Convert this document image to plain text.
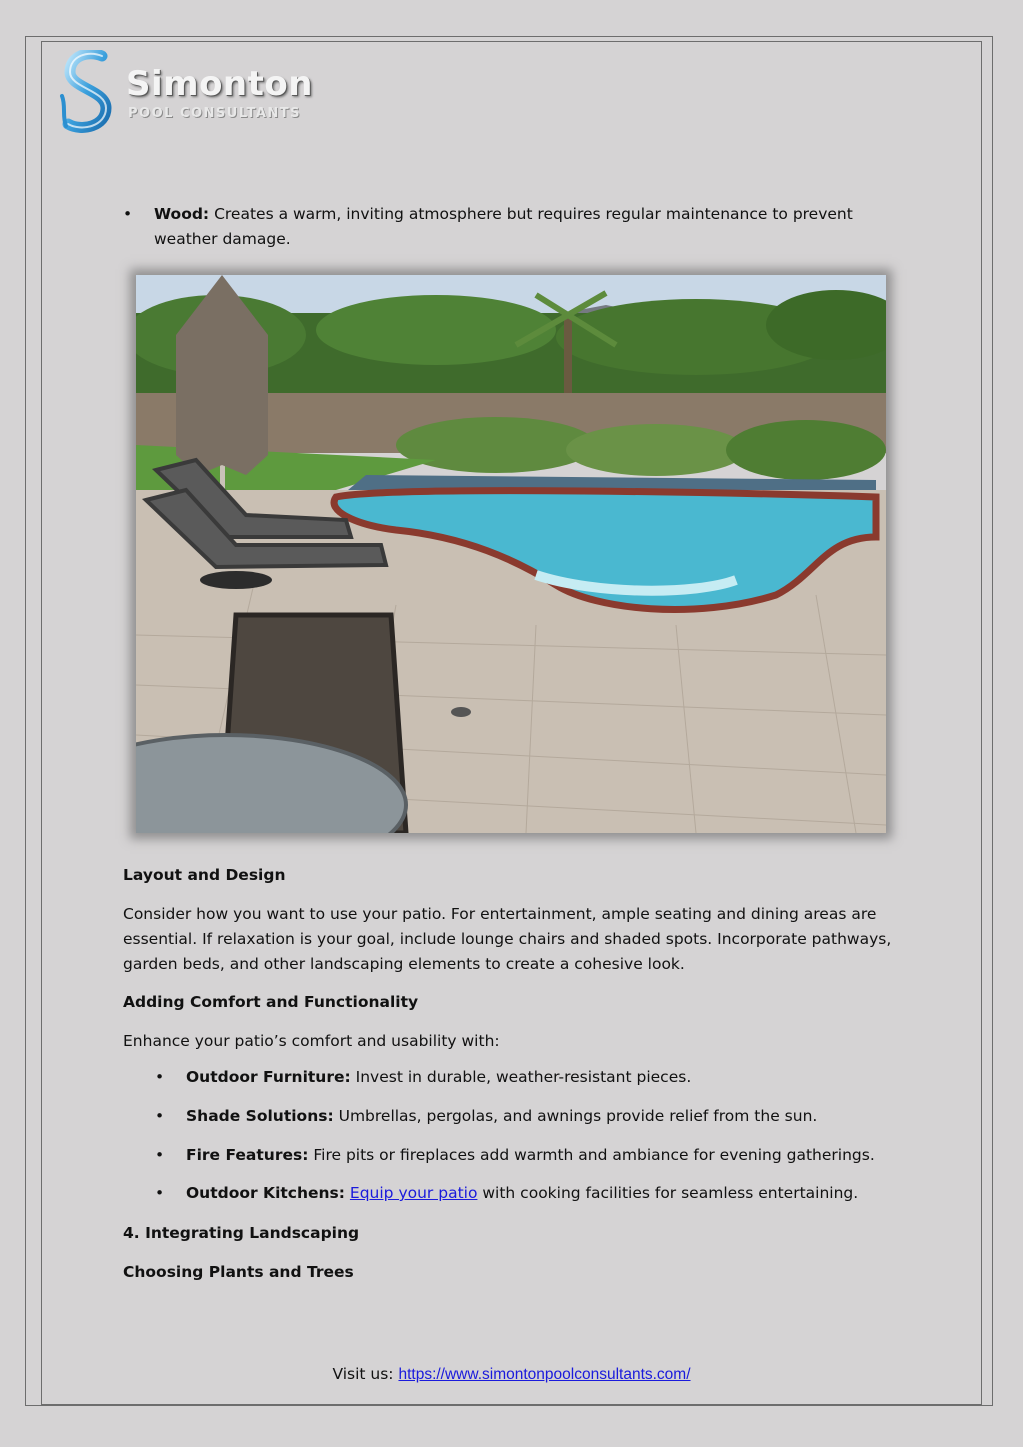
Simonton
POOL CONSULTANTS
• Wood: Creates a warm, inviting atmosphere but requires regular maintenance to prevent weather damage.
Layout and Design
Consider how you want to use your patio. For entertainment, ample seating and dining areas are essential. If relaxation is your goal, include lounge chairs and shaded spots. Incorporate pathways, garden beds, and other landscaping elements to create a cohesive look.
Adding Comfort and Functionality
Enhance your patio’s comfort and usability with:
• Outdoor Furniture: Invest in durable, weather-resistant pieces.
• Shade Solutions: Umbrellas, pergolas, and awnings provide relief from the sun.
• Fire Features: Fire pits or fireplaces add warmth and ambiance for evening gatherings.
• Outdoor Kitchens: Equip your patio with cooking facilities for seamless entertaining.
4. Integrating Landscaping
Choosing Plants and Trees
Visit us: https://www.simontonpoolconsultants.com/
